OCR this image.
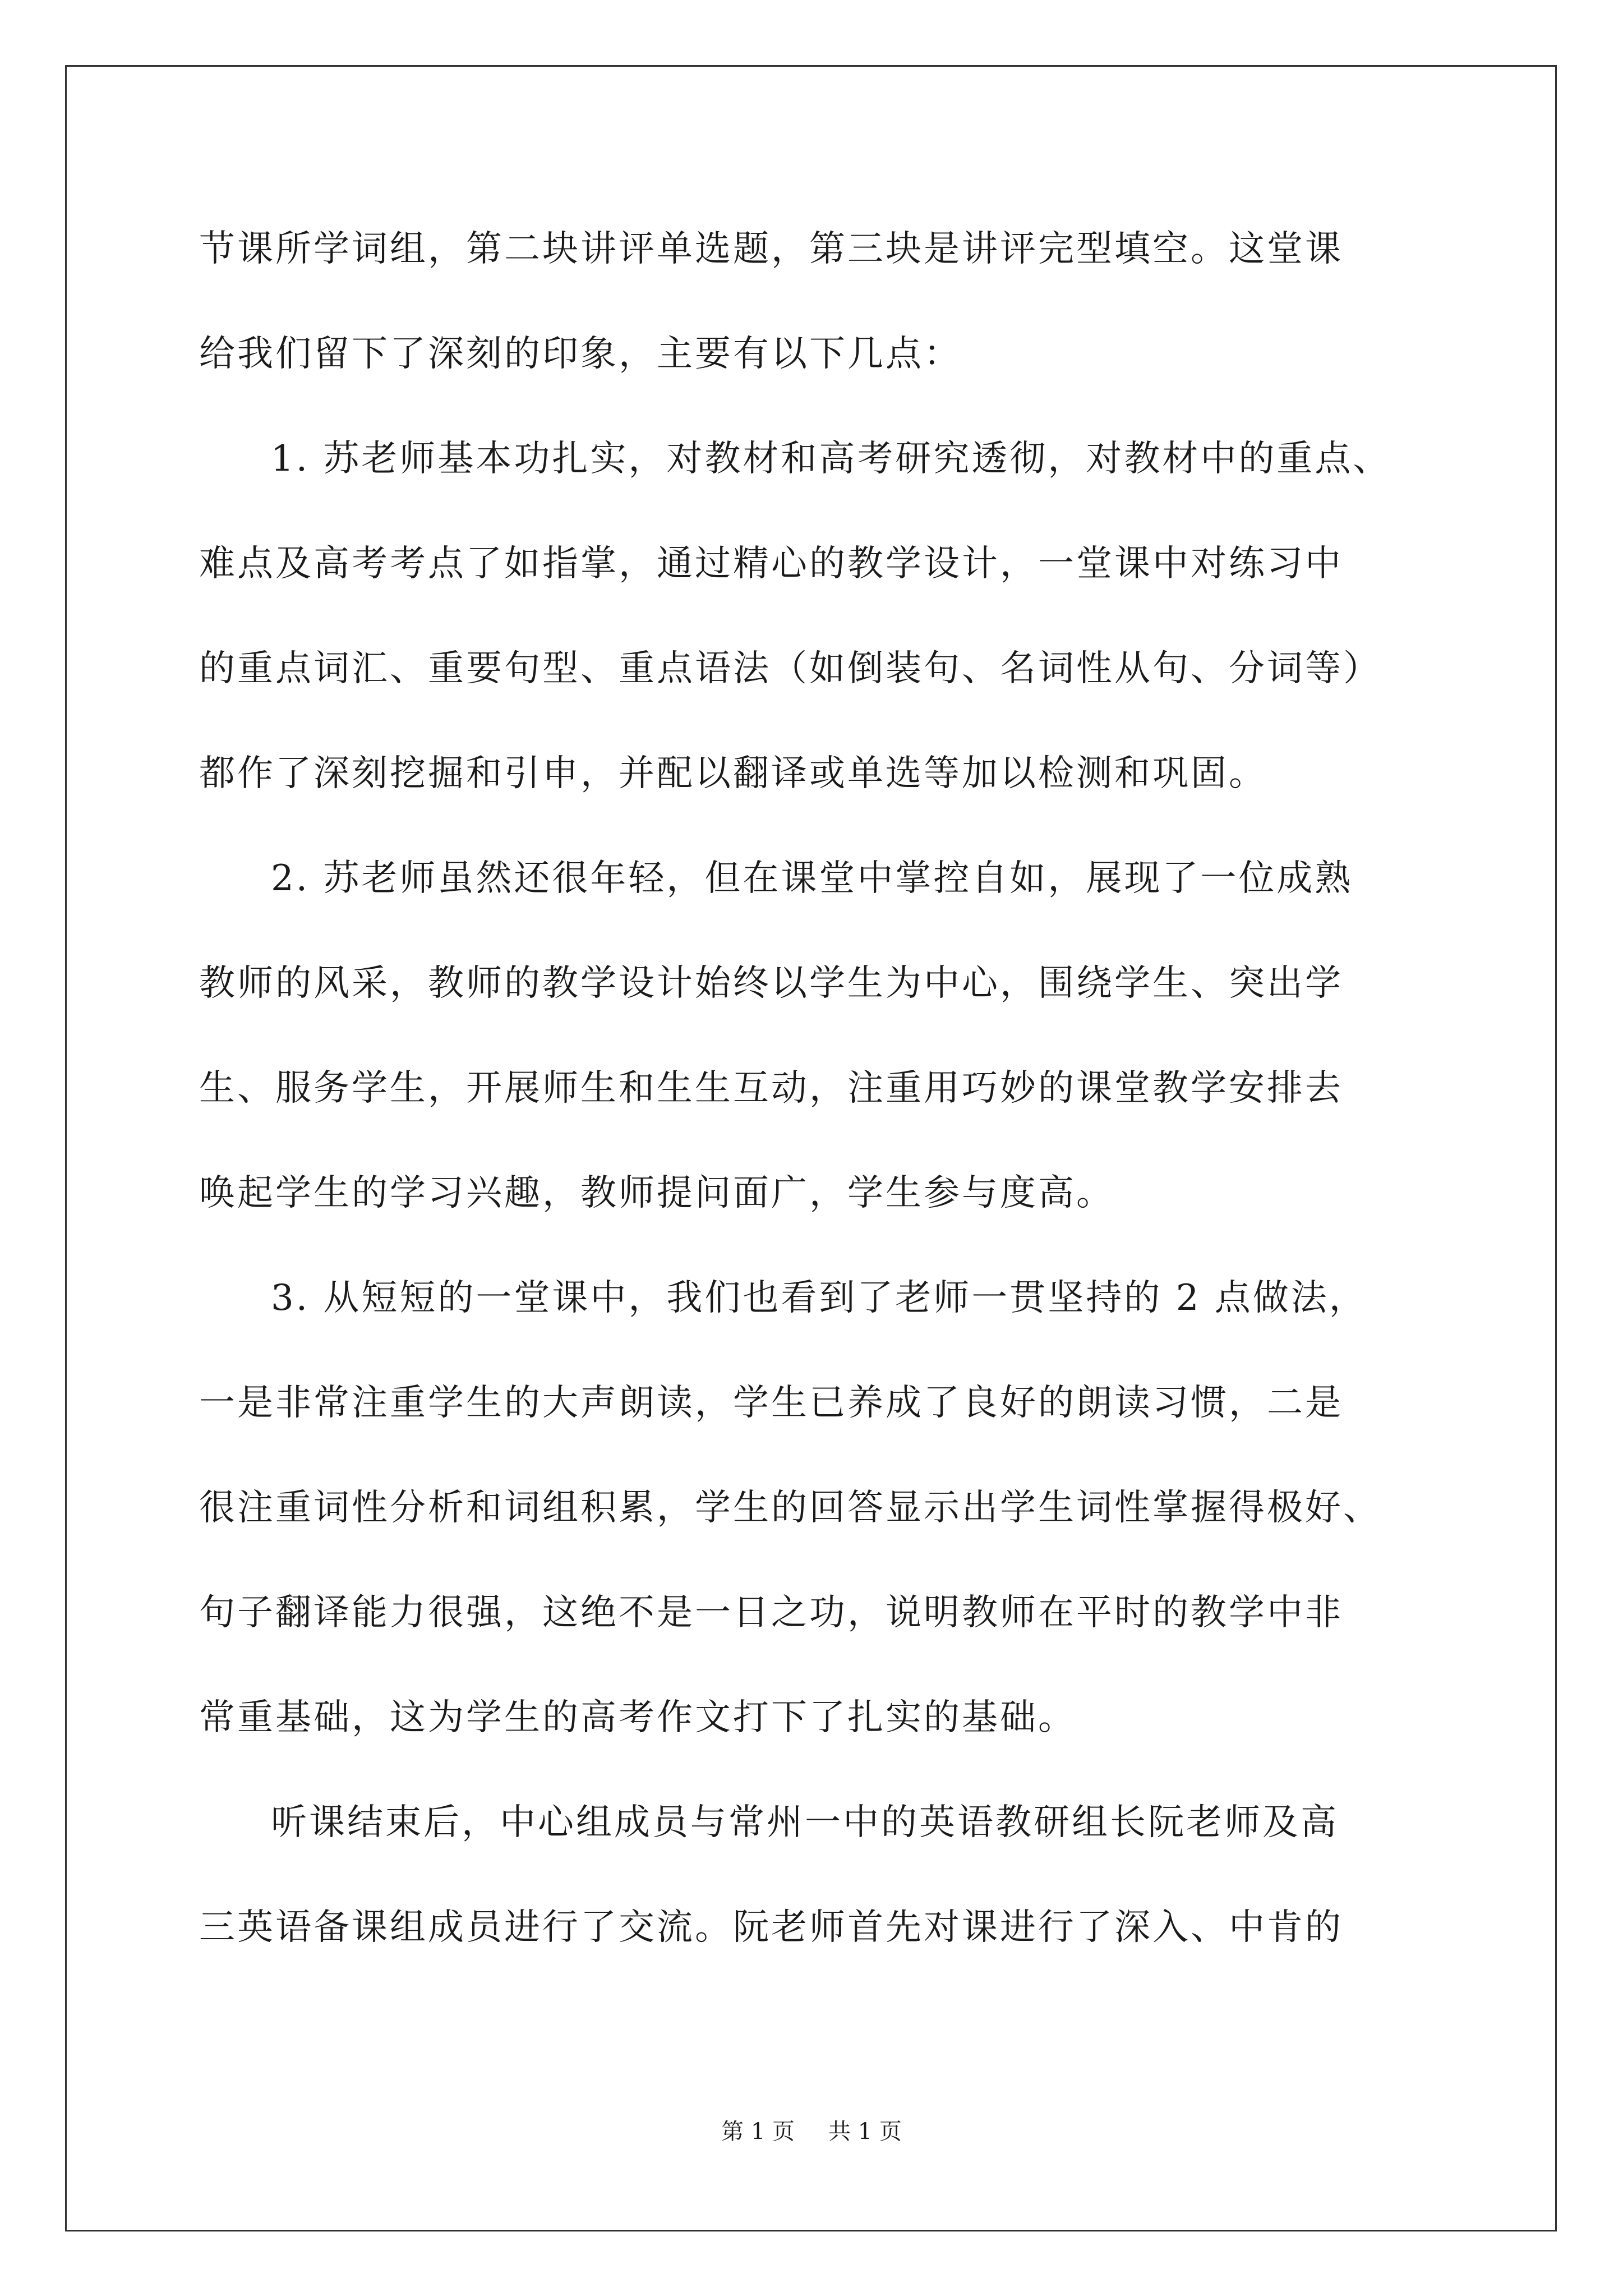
节课所学词组，第二块讲评单选题，第三块是讲评完型填空。这堂课
给我们留下了深刻的印象，主要有以下几点：
1. 苏老师基本功扎实，对教材和高考研究透彻，对教材中的重点、
难点及高考考点了如指掌，通过精心的教学设计，一堂课中对练习中
的重点词汇、重要句型、重点语法（如倒装句、名词性从句、分词等）
都作了深刻挖掘和引申，并配以翻译或单选等加以检测和巩固。
2. 苏老师虽然还很年轻，但在课堂中掌控自如，展现了一位成熟
教师的风采，教师的教学设计始终以学生为中心，围绕学生、突出学
生、服务学生，开展师生和生生互动，注重用巧妙的课堂教学安排去
唤起学生的学习兴趣，教师提问面广，学生参与度高。
3. 从短短的一堂课中，我们也看到了老师一贯坚持的 2 点做法，
一是非常注重学生的大声朗读，学生已养成了良好的朗读习惯，二是
很注重词性分析和词组积累，学生的回答显示出学生词性掌握得极好、
句子翻译能力很强，这绝不是一日之功，说明教师在平时的教学中非
常重基础，这为学生的高考作文打下了扎实的基础。
听课结束后，中心组成员与常州一中的英语教研组长阮老师及高
三英语备课组成员进行了交流。阮老师首先对课进行了深入、中肯的
第 1 页 共 1 页
